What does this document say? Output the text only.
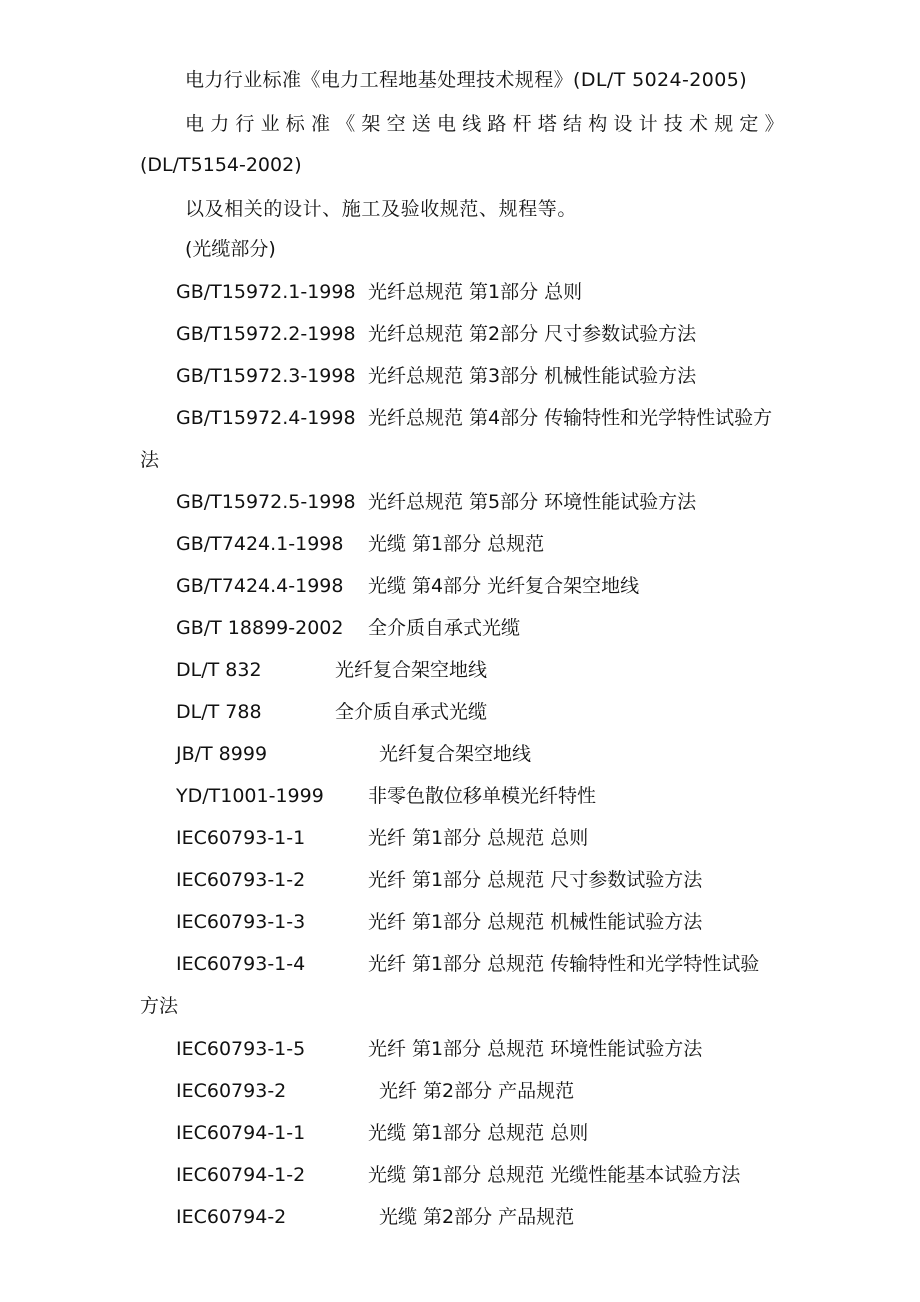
电力行业标准《电力工程地基处理技术规程》(DL/T 5024-2005)
电力行业标准《架空送电线路杆塔结构设计技术规定》
(DL/T5154-2002)
以及相关的设计、施工及验收规范、规程等。
(光缆部分)
GB/T15972.1-1998 光纤总规范 第1部分 总则
GB/T15972.2-1998 光纤总规范 第2部分 尺寸参数试验方法
GB/T15972.3-1998 光纤总规范 第3部分 机械性能试验方法
GB/T15972.4-1998 光纤总规范 第4部分 传输特性和光学特性试验方
法
GB/T15972.5-1998 光纤总规范 第5部分 环境性能试验方法
GB/T7424.1-1998 光缆 第1部分 总规范
GB/T7424.4-1998 光缆 第4部分 光纤复合架空地线
GB/T 18899-2002 全介质自承式光缆
DL/T 832	光纤复合架空地线
DL/T 788	全介质自承式光缆
JB/T 8999	光纤复合架空地线
YD/T1001-1999 非零色散位移单模光纤特性
IEC60793-1-1	光纤 第1部分 总规范 总则
IEC60793-1-2	光纤 第1部分 总规范 尺寸参数试验方法
IEC60793-1-3	光纤 第1部分 总规范 机械性能试验方法
IEC60793-1-4	光纤 第1部分 总规范 传输特性和光学特性试验
方法
IEC60793-1-5	光纤 第1部分 总规范 环境性能试验方法
IEC60793-2	光纤 第2部分 产品规范
IEC60794-1-1	光缆 第1部分 总规范 总则
IEC60794-1-2	光缆 第1部分 总规范 光缆性能基本试验方法
IEC60794-2	光缆 第2部分 产品规范
